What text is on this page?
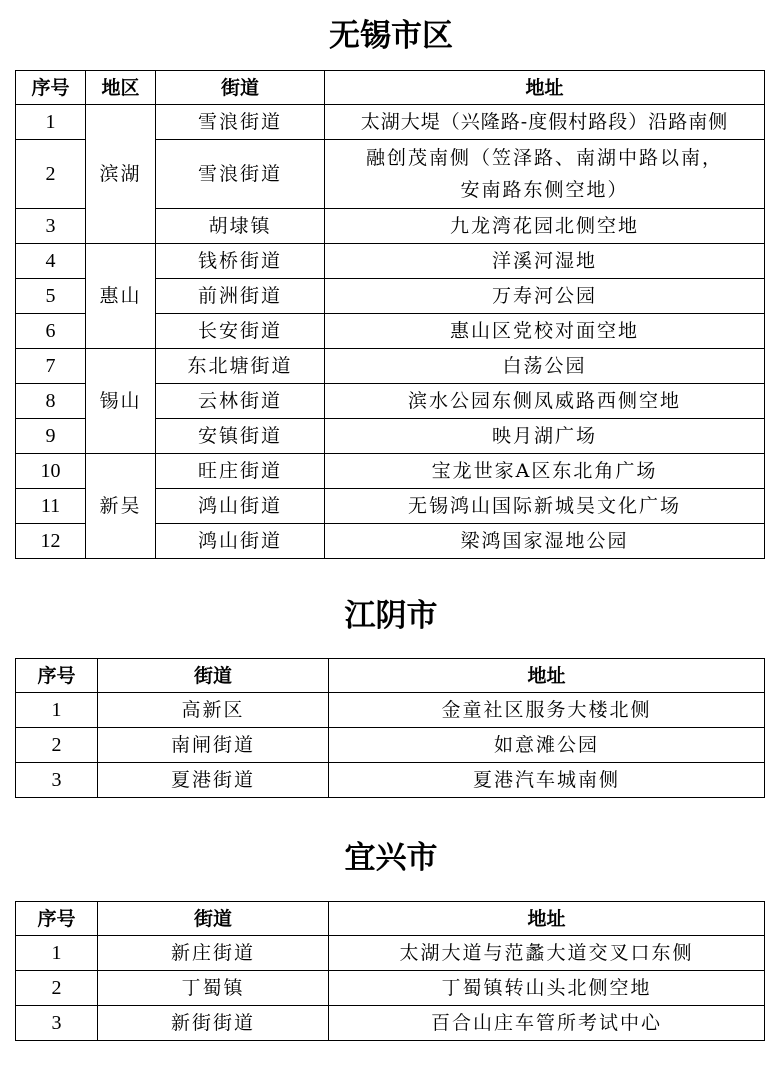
无锡市区
序号	地区	街道	地址
1	滨湖	雪浪街道	太湖大堤（兴隆路-度假村路段）沿路南侧
2		雪浪街道	融创茂南侧（笠泽路、南湖中路以南，
安南路东侧空地）

3		胡埭镇	九龙湾花园北侧空地
4	惠山	钱桥街道	洋溪河湿地
5		前洲街道	万寿河公园
6		长安街道	惠山区党校对面空地
7	锡山	东北塘街道	白荡公园
8		云林街道	滨水公园东侧凤威路西侧空地
9		安镇街道	映月湖广场
10	新吴	旺庄街道	宝龙世家A区东北角广场
11		鸿山街道	无锡鸿山国际新城吴文化广场
12		鸿山街道	梁鸿国家湿地公园
江阴市
序号	街道	地址
1	高新区	金童社区服务大楼北侧
2	南闸街道	如意滩公园
3	夏港街道	夏港汽车城南侧
宜兴市
序号	街道	地址
1	新庄街道	太湖大道与范蠡大道交叉口东侧
2	丁蜀镇	丁蜀镇转山头北侧空地
3	新街街道	百合山庄车管所考试中心
